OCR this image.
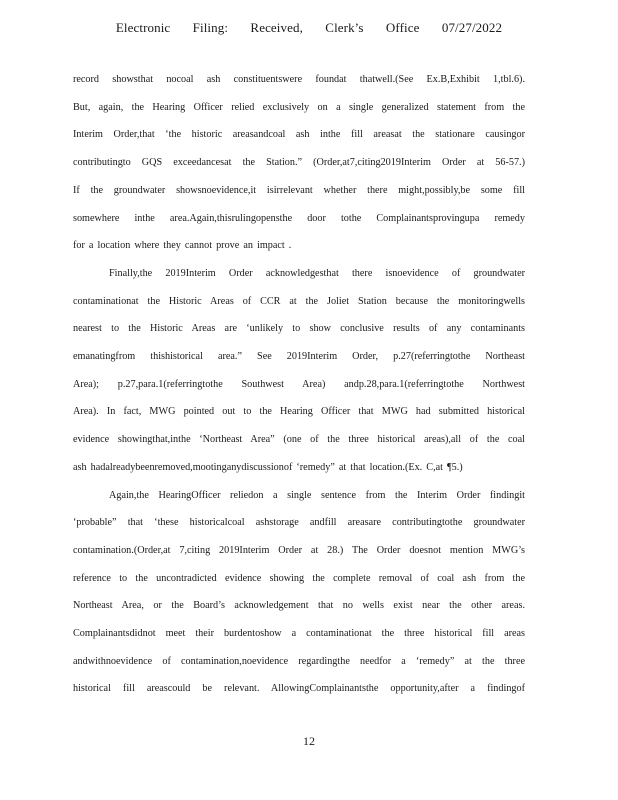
Electronic Filing: Received, Clerk’s Office 07/27/2022

record showsthat nocoal ash constituentswere foundat thatwell.(See Ex.B,Exhibit 1,tbl.6).
But, again, the Hearing Officer relied exclusively on a single generalized statement from the
Interim Order,that ‘the historic areasandcoal ash inthe fill areasat the stationare causingor
contributingto GQS exceedancesat the Station.” (Order,at7,citing2019Interim Order at 56-57.)
If the groundwater showsnoevidence,it isirrelevant whether there might,possibly,be some fill
somewhere inthe area.Again,thisrulingopensthe door tothe Complainantsprovingupa remedy
for a location where they cannot prove an impact .

Finally,the 2019Interim Order acknowledgesthat there isnoevidence of groundwater
contaminationat the Historic Areas of CCR at the Joliet Station because the monitoringwells
nearest to the Historic Areas are ‘unlikely to show conclusive results of any contaminants
emanatingfrom thishistorical area.” See 2019Interim Order, p.27(referringtothe Northeast
Area); p.27,para.1(referringtothe Southwest Area) andp.28,para.1(referringtothe Northwest
Area). In fact, MWG pointed out to the Hearing Officer that MWG had submitted historical
evidence showingthat,inthe ‘Northeast Area” (one of the three historical areas),all of the coal
ash hadalreadybeenremoved,mootinganydiscussionof ‘remedy” at that location.(Ex. C,at ¶5.)

Again,the HearingOfficer reliedon a single sentence from the Interim Order findingit
‘probable” that ‘these historicalcoal ashstorage andfill areasare contributingtothe groundwater
contamination.(Order,at 7,citing 2019Interim Order at 28.) The Order doesnot mention MWG’s
reference to the uncontradicted evidence showing the complete removal of coal ash from the
Northeast Area, or the Board’s acknowledgement that no wells exist near the other areas.
Complainantsdidnot meet their burdentoshow a contaminationat the three historical fill areas
andwithnoevidence of contamination,noevidence regardingthe needfor a ‘remedy” at the three
historical fill areascould be relevant. AllowingComplainantsthe opportunity,after a findingof

12
